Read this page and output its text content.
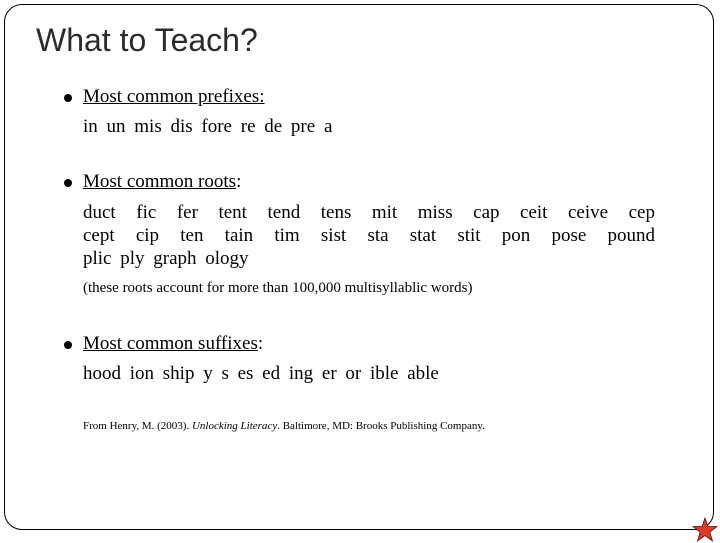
What to Teach?
Most common prefixes:
in un mis dis fore re de pre a
Most common roots:
duct fic fer tent tend tens mit miss cap ceit ceive cep
cept cip ten tain tim sist sta stat stit pon pose pound
plic ply graph ology
(these roots account for more than 100,000 multisyllablic words)
Most common suffixes:
hood ion ship y s es ed ing er or ible able
From Henry, M. (2003). Unlocking Literacy. Baltimore, MD: Brooks Publishing Company.
